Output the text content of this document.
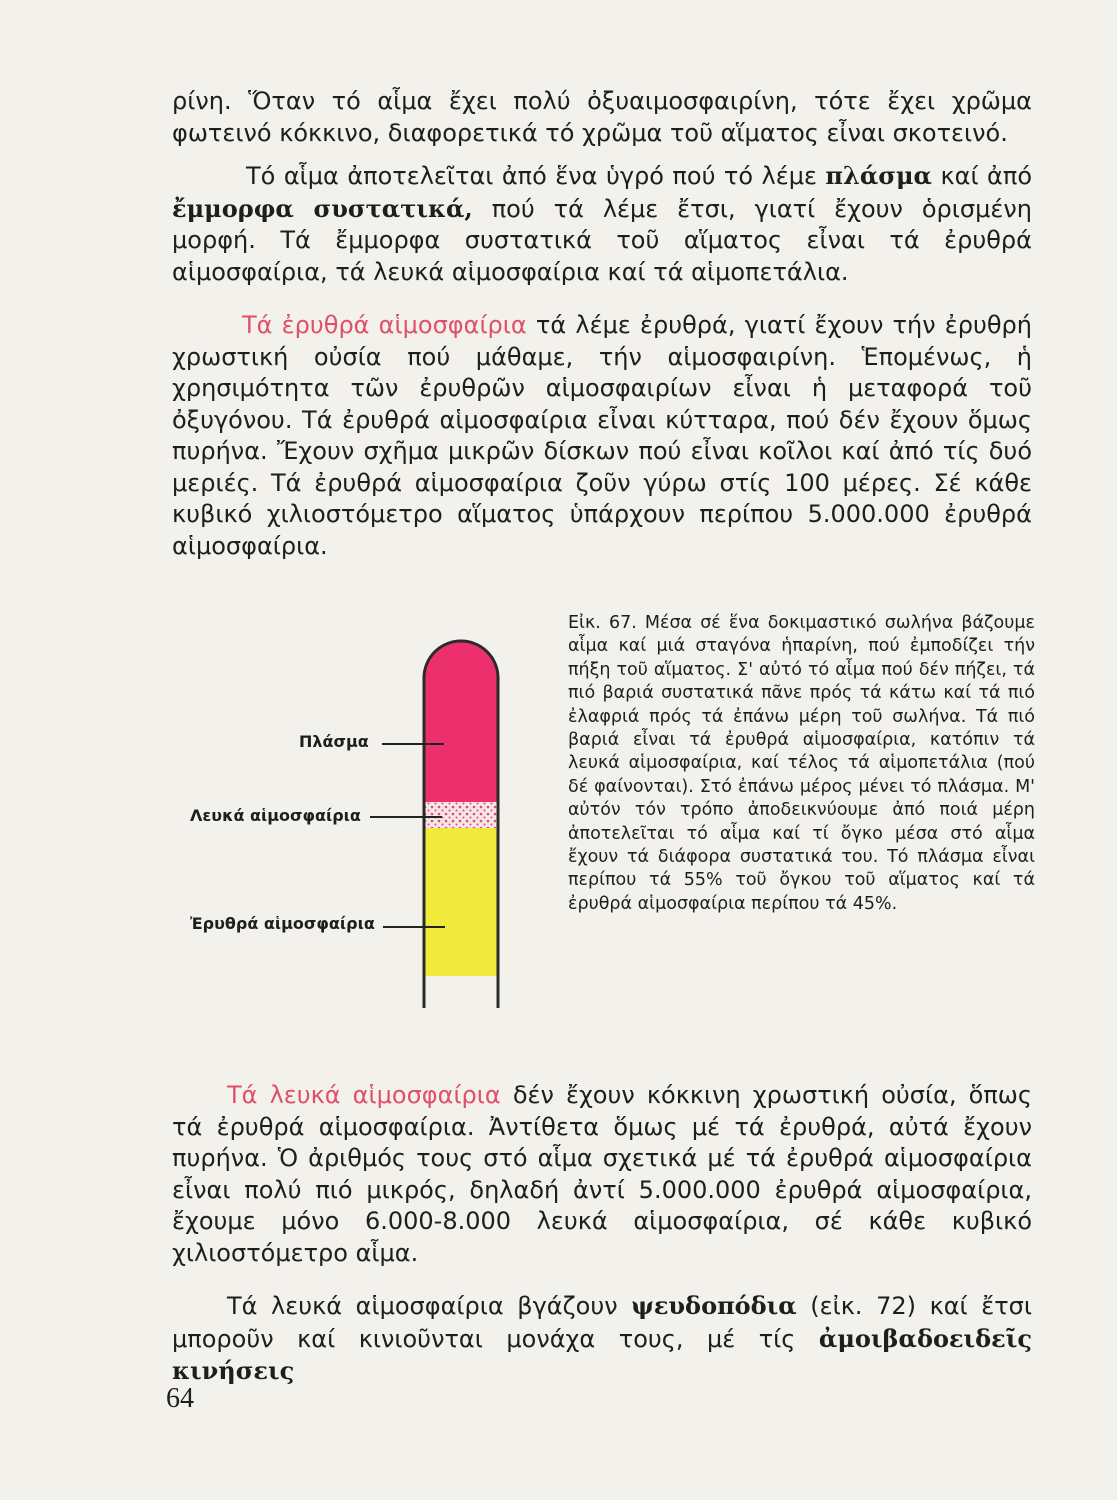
ρίνη. Ὅταν τό αἷμα ἔχει πολύ ὀξυαιμοσφαιρίνη, τότε ἔχει χρῶμα φωτεινό κόκκινο, διαφορετικά τό χρῶμα τοῦ αἵματος εἶναι σκοτεινό.

Τό αἷμα ἀποτελεῖται ἀπό ἕνα ὑγρό πού τό λέμε πλάσμα καί ἀπό ἔμμορφα συστατικά, πού τά λέμε ἔτσι, γιατί ἔχουν ὁρισμένη μορφή. Τά ἔμμορφα συστατικά τοῦ αἵματος εἶναι τά ἐρυθρά αἱμοσφαίρια, τά λευκά αἱμοσφαίρια καί τά αἱμοπετάλια.

Τά ἐρυθρά αἱμοσφαίρια τά λέμε ἐρυθρά, γιατί ἔχουν τήν ἐρυθρή χρωστική οὐσία πού μάθαμε, τήν αἱμοσφαιρίνη. Ἑπομένως, ἡ χρησιμότητα τῶν ἐρυθρῶν αἱμοσφαιρίων εἶναι ἡ μεταφορά τοῦ ὀξυγόνου. Τά ἐρυθρά αἱμοσφαίρια εἶναι κύτταρα, πού δέν ἔχουν ὅμως πυρήνα. Ἔχουν σχῆμα μικρῶν δίσκων πού εἶναι κοῖλοι καί ἀπό τίς δυό μεριές. Τά ἐρυθρά αἱμοσφαίρια ζοῦν γύρω στίς 100 μέρες. Σέ κάθε κυβικό χιλιοστόμετρο αἵματος ὑπάρχουν περίπου 5.000.000 ἐρυθρά αἱμοσφαίρια.

Πλάσμα
Λευκά αἱμοσφαίρια
Ἐρυθρά αἱμοσφαίρια

Εἰκ. 67. Μέσα σέ ἕνα δοκιμαστικό σωλήνα βάζουμε αἷμα καί μιά σταγόνα ἡπαρίνη, πού ἐμποδίζει τήν πήξη τοῦ αἵματος. Σ' αὐτό τό αἷμα πού δέν πήζει, τά πιό βαριά συστατικά πᾶνε πρός τά κάτω καί τά πιό ἐλαφριά πρός τά ἐπάνω μέρη τοῦ σωλήνα. Τά πιό βαριά εἶναι τά ἐρυθρά αἱμοσφαίρια, κατόπιν τά λευκά αἱμοσφαίρια, καί τέλος τά αἱμοπετάλια (πού δέ φαίνονται). Στό ἐπάνω μέρος μένει τό πλάσμα. Μ' αὐτόν τόν τρόπο ἀποδεικνύουμε ἀπό ποιά μέρη ἀποτελεῖται τό αἷμα καί τί ὄγκο μέσα στό αἷμα ἔχουν τά διάφορα συστατικά του. Τό πλάσμα εἶναι περίπου τά 55% τοῦ ὄγκου τοῦ αἵματος καί τά ἐρυθρά αἱμοσφαίρια περίπου τά 45%.

Τά λευκά αἱμοσφαίρια δέν ἔχουν κόκκινη χρωστική οὐσία, ὅπως τά ἐρυθρά αἱμοσφαίρια. Ἀντίθετα ὅμως μέ τά ἐρυθρά, αὐτά ἔχουν πυρήνα. Ὁ ἀριθμός τους στό αἷμα σχετικά μέ τά ἐρυθρά αἱμοσφαίρια εἶναι πολύ πιό μικρός, δηλαδή ἀντί 5.000.000 ἐρυθρά αἱμοσφαίρια, ἔχουμε μόνο 6.000-8.000 λευκά αἱμοσφαίρια, σέ κάθε κυβικό χιλιοστόμετρο αἷμα.

Τά λευκά αἱμοσφαίρια βγάζουν ψευδοπόδια (εἰκ. 72) καί ἔτσι μποροῦν καί κινιοῦνται μονάχα τους, μέ τίς ἀμοιβαδοειδεῖς κινήσεις

64
